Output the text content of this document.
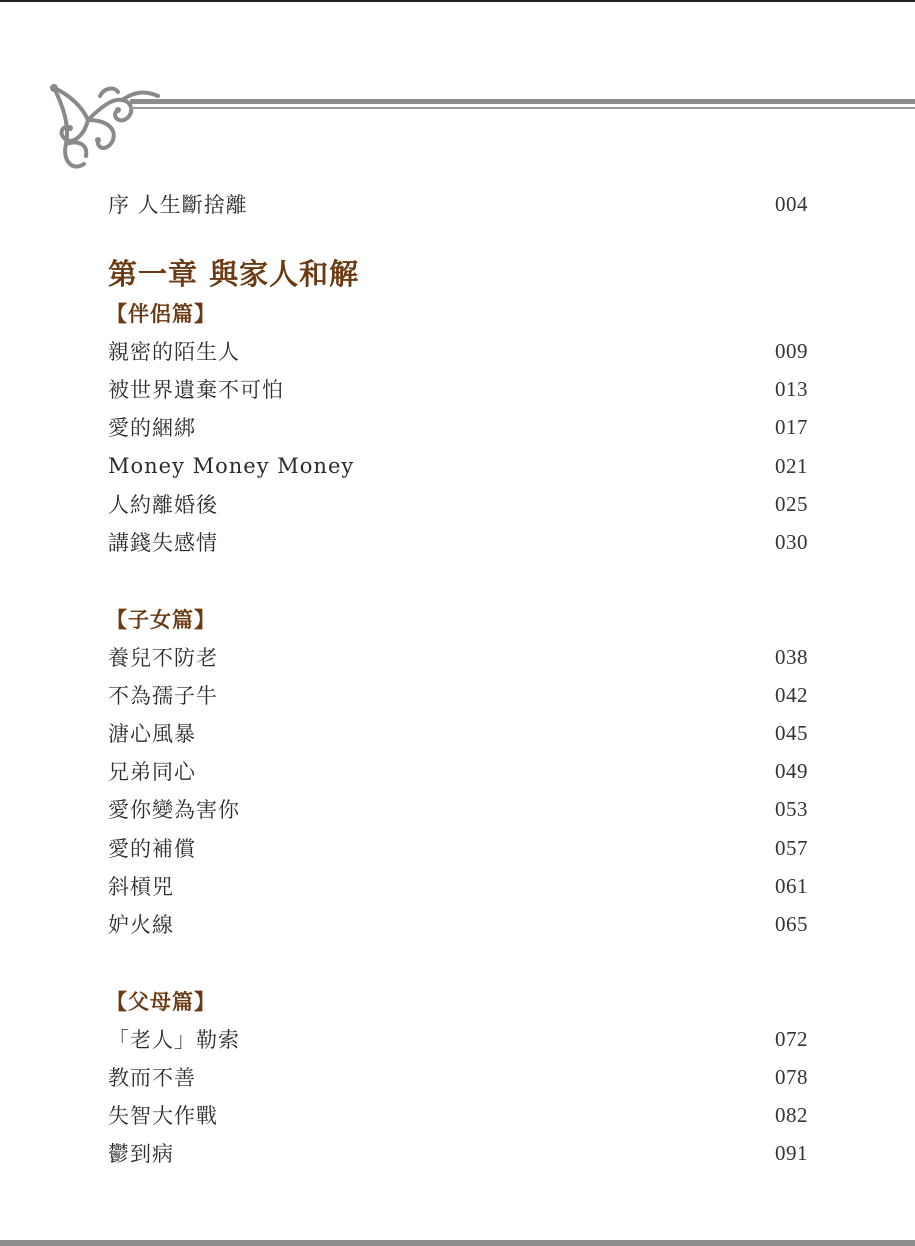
序 人生斷捨離	004
第一章 與家人和解
【伴侶篇】
親密的陌生人	009
被世界遺棄不可怕	013
愛的綑綁	017
Money Money Money	021
人約離婚後	025
講錢失感情	030
【子女篇】
養兒不防老	038
不為孺子牛	042
溏心風暴	045
兄弟同心	049
愛你變為害你	053
愛的補償	057
斜槓兕	061
妒火線	065
【父母篇】
「老人」勒索	072
教而不善	078
失智大作戰	082
鬱到病	091
